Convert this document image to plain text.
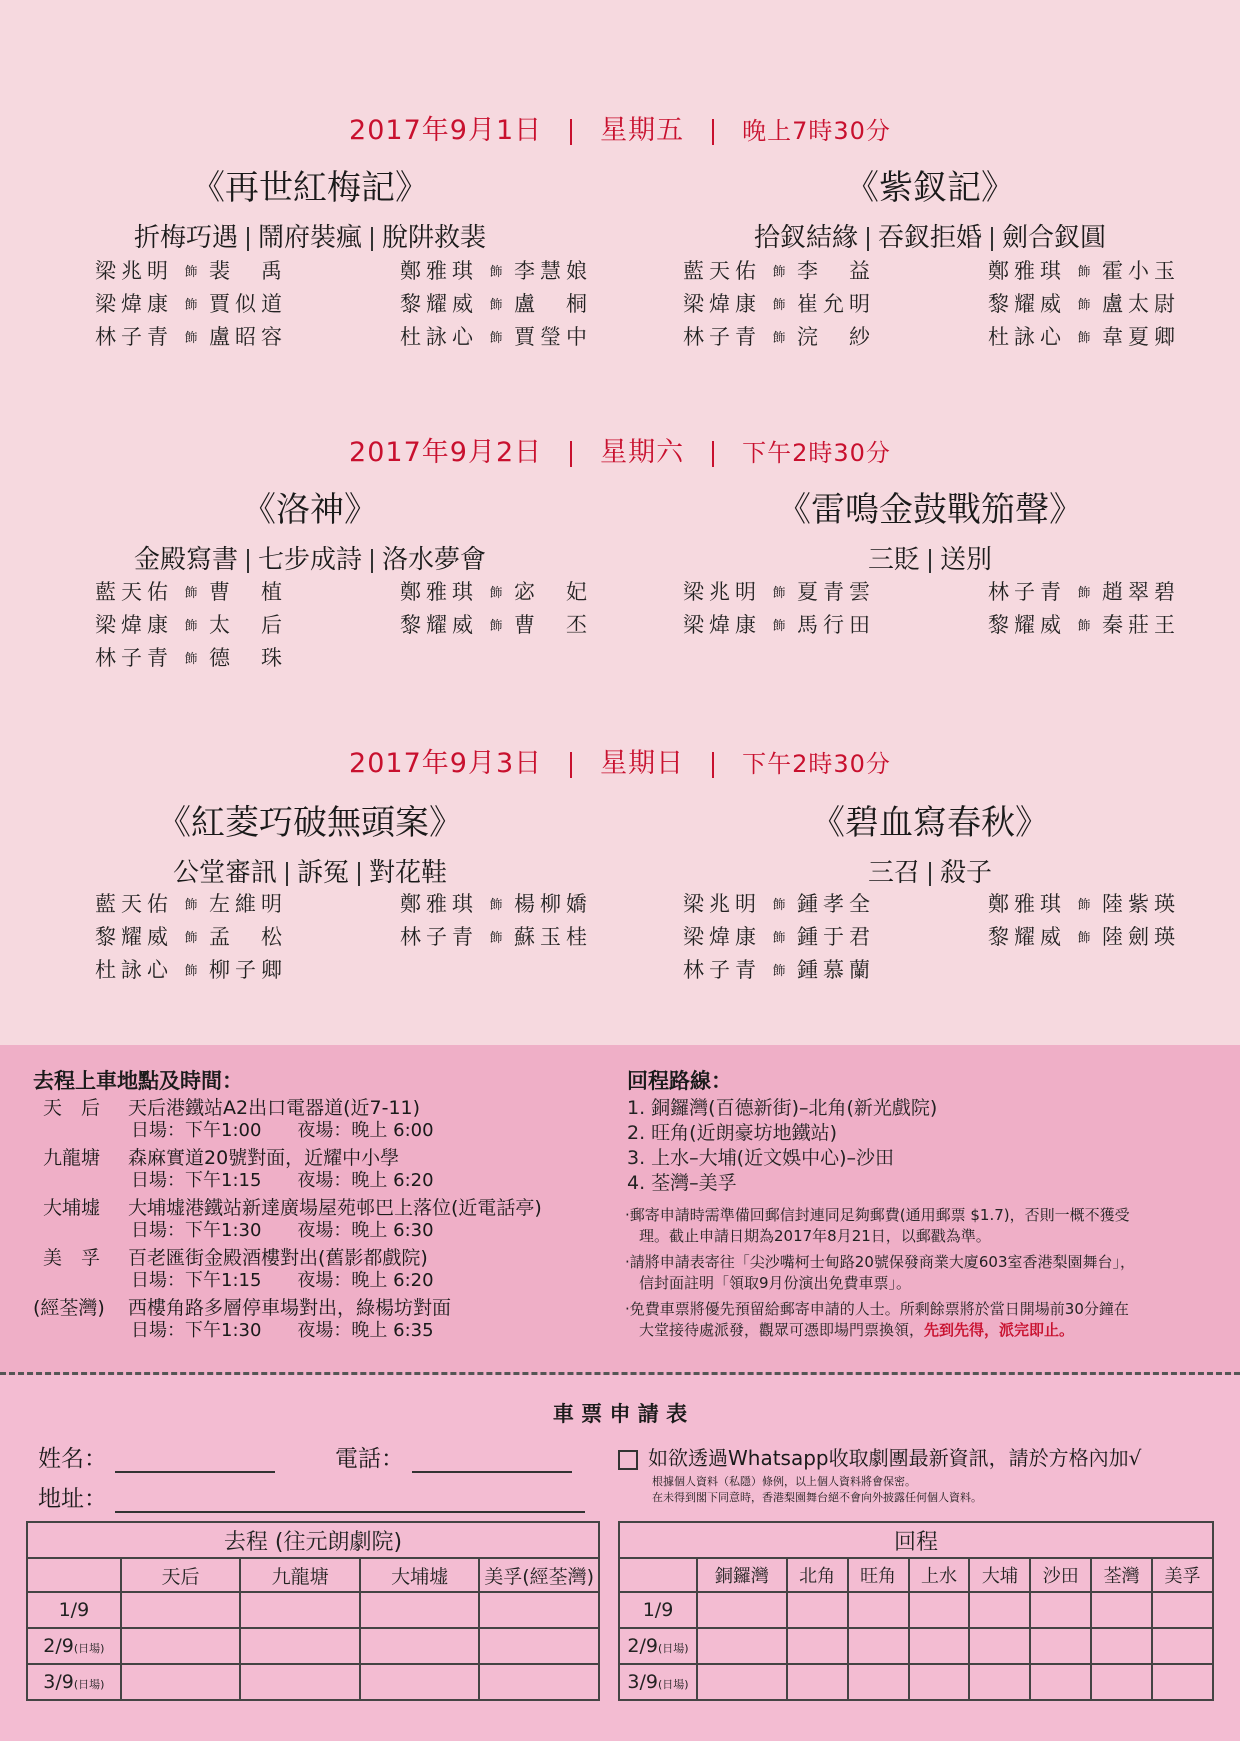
2017年9月1日 星期五 晚上7時30分
《再世紅梅記》
折梅巧遇 鬧府裝瘋 脫阱救裴
《紫釵記》
拾釵結緣 吞釵拒婚 劍合釵圓
梁兆明 飾 裴　禹
梁煒康 飾 賈似道
林子青 飾 盧昭容
鄭雅琪 飾 李慧娘
黎耀威 飾 盧　桐
杜詠心 飾 賈瑩中
藍天佑 飾 李　益
梁煒康 飾 崔允明
林子青 飾 浣　紗
鄭雅琪 飾 霍小玉
黎耀威 飾 盧太尉
杜詠心 飾 韋夏卿
2017年9月2日 星期六 下午2時30分
《洛神》
金殿寫書 七步成詩 洛水夢會
《雷鳴金鼓戰笳聲》
三貶 送別
藍天佑 飾 曹　植
梁煒康 飾 太　后
林子青 飾 德　珠
鄭雅琪 飾 宓　妃
黎耀威 飾 曹　丕
梁兆明 飾 夏青雲
梁煒康 飾 馬行田
林子青 飾 趙翠碧
黎耀威 飾 秦莊王
2017年9月3日 星期日 下午2時30分
《紅菱巧破無頭案》
公堂審訊 訴冤 對花鞋
《碧血寫春秋》
三召 殺子
藍天佑 飾 左維明
黎耀威 飾 孟　松
杜詠心 飾 柳子卿
鄭雅琪 飾 楊柳嬌
林子青 飾 蘇玉桂
梁兆明 飾 鍾孝全
梁煒康 飾 鍾于君
林子青 飾 鍾慕蘭
鄭雅琪 飾 陸紫瑛
黎耀威 飾 陸劍瑛
去程上車地點及時間：
天　后 天后港鐵站A2出口電器道(近7-11)
日場：下午1:00　　夜場：晚上 6:00
九龍塘 森麻實道20號對面，近耀中小學
日場：下午1:15　　夜場：晚上 6:20
大埔墟 大埔墟港鐵站新達廣場屋苑邨巴上落位(近電話亭)
日場：下午1:30　　夜場：晚上 6:30
美　孚 百老匯街金殿酒樓對出(舊影都戲院)
日場：下午1:15　　夜場：晚上 6:20
(經荃灣) 西樓角路多層停車場對出，綠楊坊對面
日場：下午1:30　　夜場：晚上 6:35
回程路線：
1. 銅鑼灣(百德新街)–北角(新光戲院)
2. 旺角(近朗豪坊地鐵站)
3. 上水–大埔(近文娛中心)–沙田
4. 荃灣–美孚
·郵寄申請時需準備回郵信封連同足夠郵費(通用郵票 $1.7)，否則一概不獲受
理。截止申請日期為2017年8月21日，以郵戳為準。
·請將申請表寄往「尖沙嘴柯士甸路20號保發商業大廈603室香港梨園舞台」，
信封面註明「領取9月份演出免費車票」。
·免費車票將優先預留給郵寄申請的人士。所剩餘票將於當日開場前30分鐘在
大堂接待處派發，觀眾可憑即場門票換領，先到先得，派完即止。
車 票 申 請 表
姓名：	電話：
地址：
如欲透過Whatsapp收取劇團最新資訊，請於方格內加√
根據個人資料（私隱）條例，以上個人資料將會保密。
在未得到閣下同意時，香港梨園舞台絕不會向外披露任何個人資料。
去程 (往元朗劇院)				
	天后	九龍塘	大埔墟	美孚(經荃灣)
1/9				
2/9(日場)				
3/9(日場)				
回程								
	銅鑼灣	北角	旺角	上水	大埔	沙田	荃灣	美孚
1/9								
2/9(日場)								
3/9(日場)								
